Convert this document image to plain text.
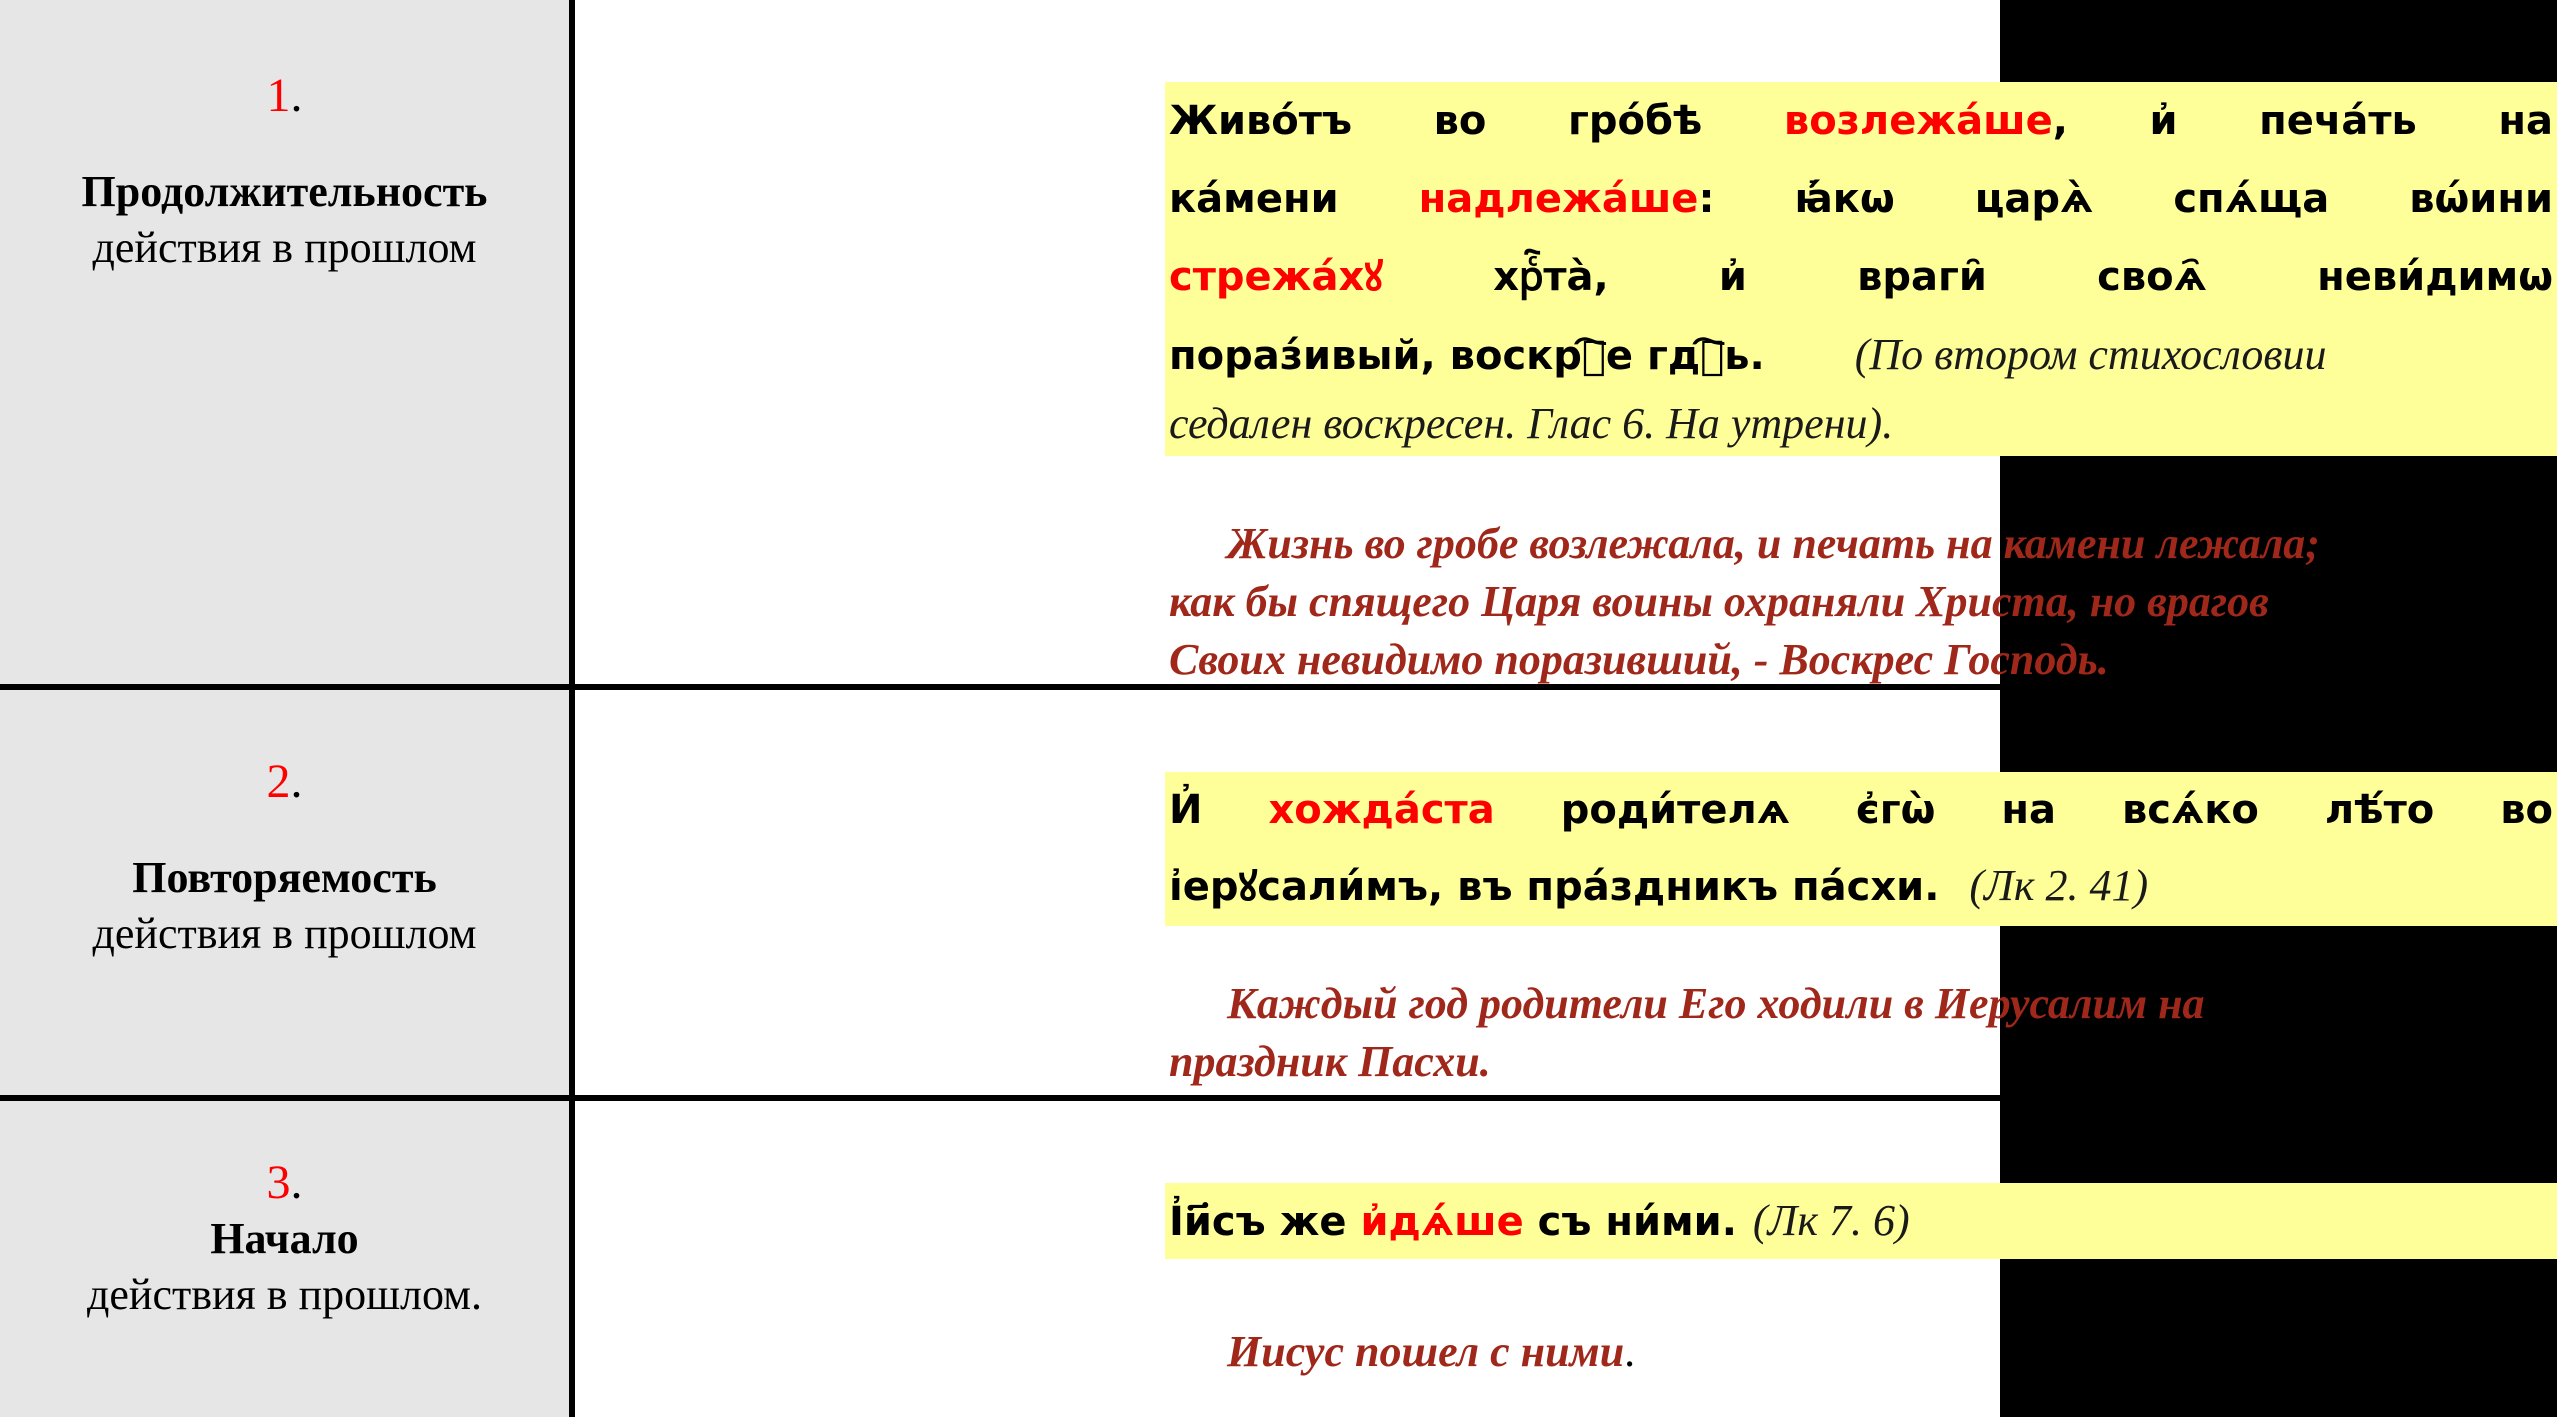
1.
Продолжительность
действия в прошлом
Живо́тъ во гро́бѣ возлежа́ше, и҆ печа́ть на
ка́мени надлежа́ше: ꙗ҆́кѡ царѧ̀ спѧ́ща вѡ́ини
стрежа́хꙋ хрⷭ҇та̀, и҆ враги̑ своѧ҄ неви́димѡ
пораз́ивый, воскрⷭ҇е гдⷭ҇ь. (По втором стихословии
седален воскресен. Глас 6. На утрени).
Жизнь во гробе возлежала, и печать на камени лежала;
как бы спящего Царя воины охраняли Христа, но врагов
Своих невидимо поразивший, - Воскрес Господь.
2.
Повторяемость
действия в прошлом
И҆ хожда́ста роди́телѧ є҆гѡ̀ на всѧ́ко лѣ́то во
і҆ерꙋсали́мъ, въ пра́здникъ па́схи. (Лк 2. 41)
Каждый год родители Его ходили в Иерусалим на
праздник Пасхи.
3.
Начало
действия в прошлом.
І҆и҃съ же и҆дѧ́ше съ ни́ми. (Лк 7. 6)
Иисус пошел с ними.
